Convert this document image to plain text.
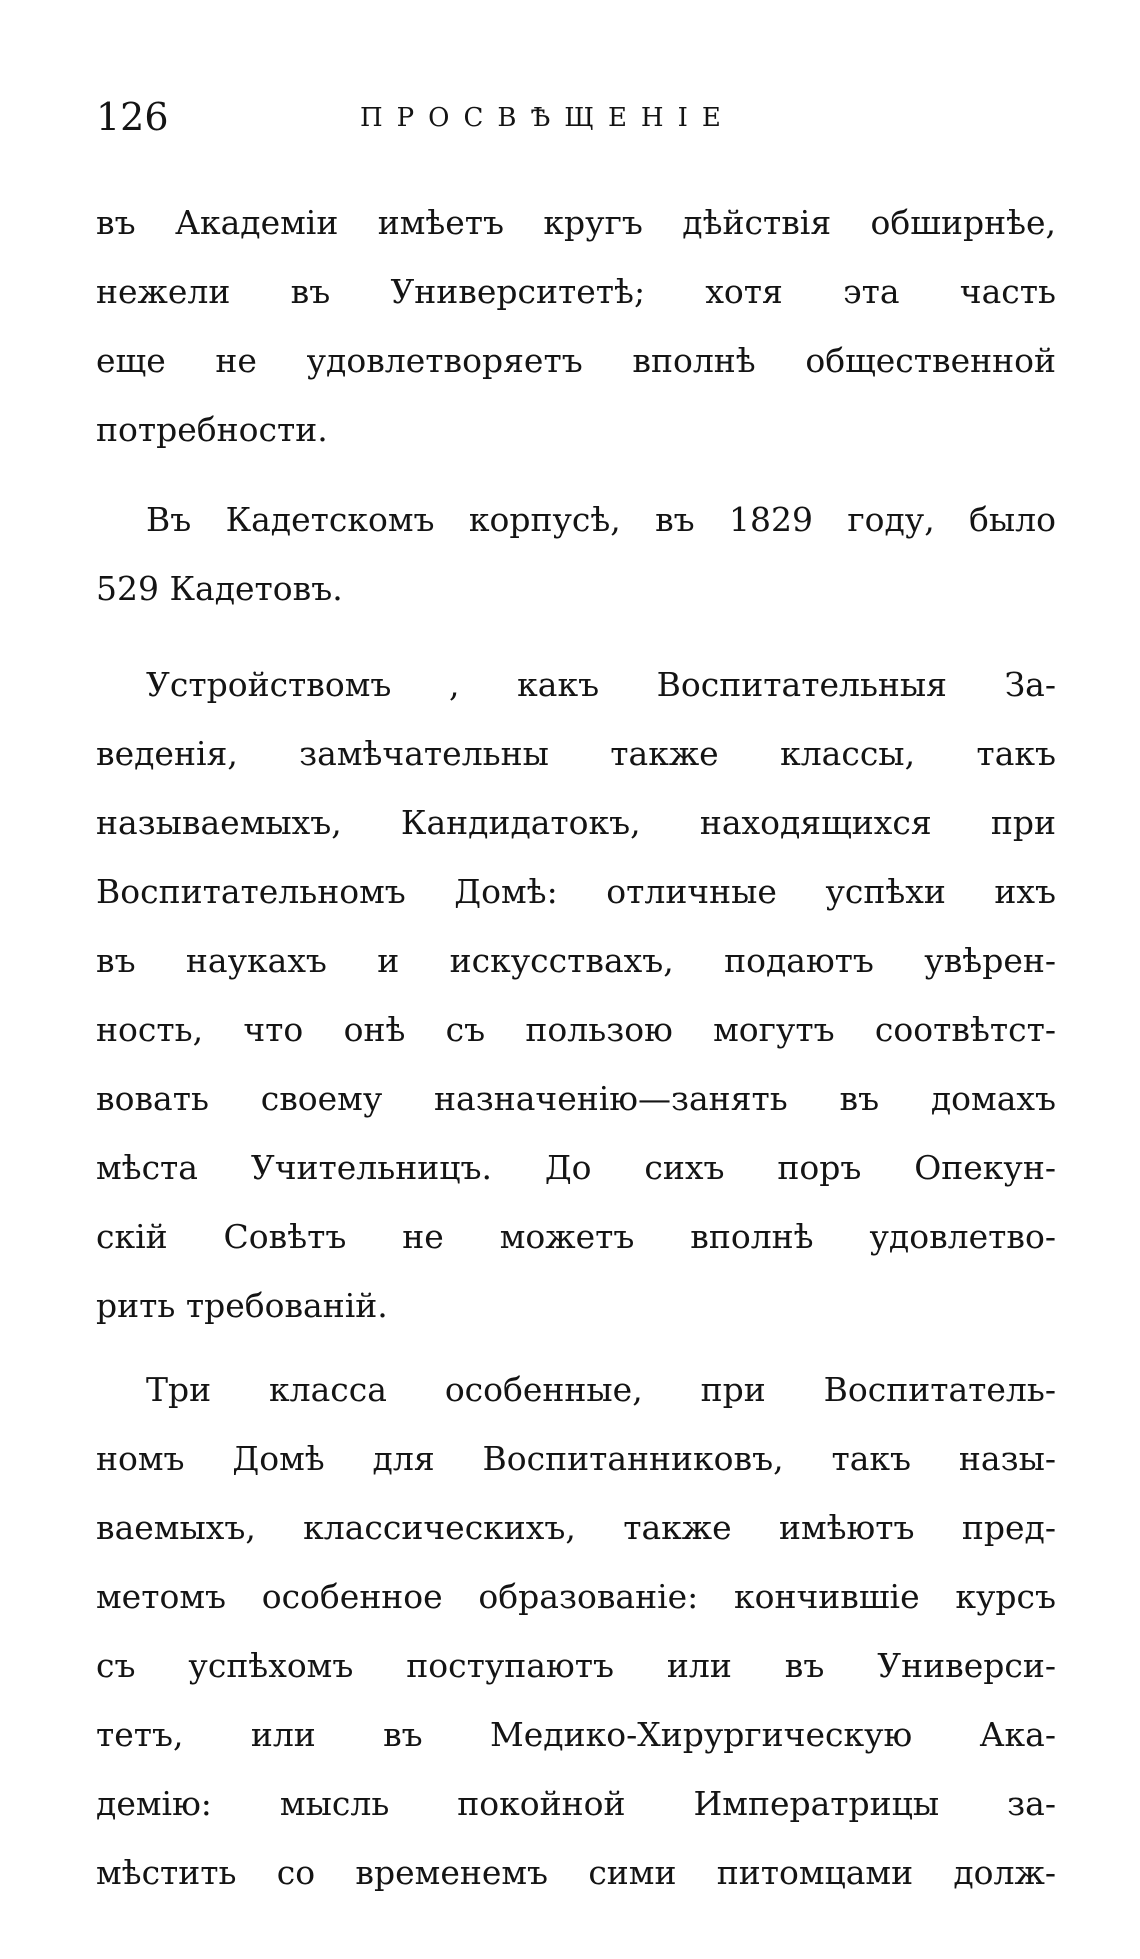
126	ПРОСВѢЩЕНІЕ
въ Академіи имѣетъ кругъ дѣйствія обширнѣе,
нежели въ Университетѣ; хотя эта часть
еще не удовлетворяетъ вполнѣ общественной
потребности.
Въ Кадетскомъ корпусѣ, въ 1829 году, было
529 Кадетовъ.
Устройствомъ , какъ Воспитательныя За-
веденія, замѣчательны также классы, такъ
называемыхъ, Кандидатокъ, находящихся при
Воспитательномъ Домѣ: отличные успѣхи ихъ
въ наукахъ и искусствахъ, подаютъ увѣрен-
ность, что онѣ съ пользою могутъ соотвѣтст-
вовать своему назначенію—занять въ домахъ
мѣста Учительницъ. До сихъ поръ Опекун-
скій Совѣтъ не можетъ вполнѣ удовлетво-
рить требованій.
Три класса особенные, при Воспитатель-
номъ Домѣ для Воспитанниковъ, такъ назы-
ваемыхъ, классическихъ, также имѣютъ пред-
метомъ особенное образованіе: кончившіе курсъ
съ успѣхомъ поступаютъ или въ Универси-
тетъ, или въ Медико-Хирургическую Ака-
демію: мысль покойной Императрицы за-
мѣстить со временемъ сими питомцами долж-
